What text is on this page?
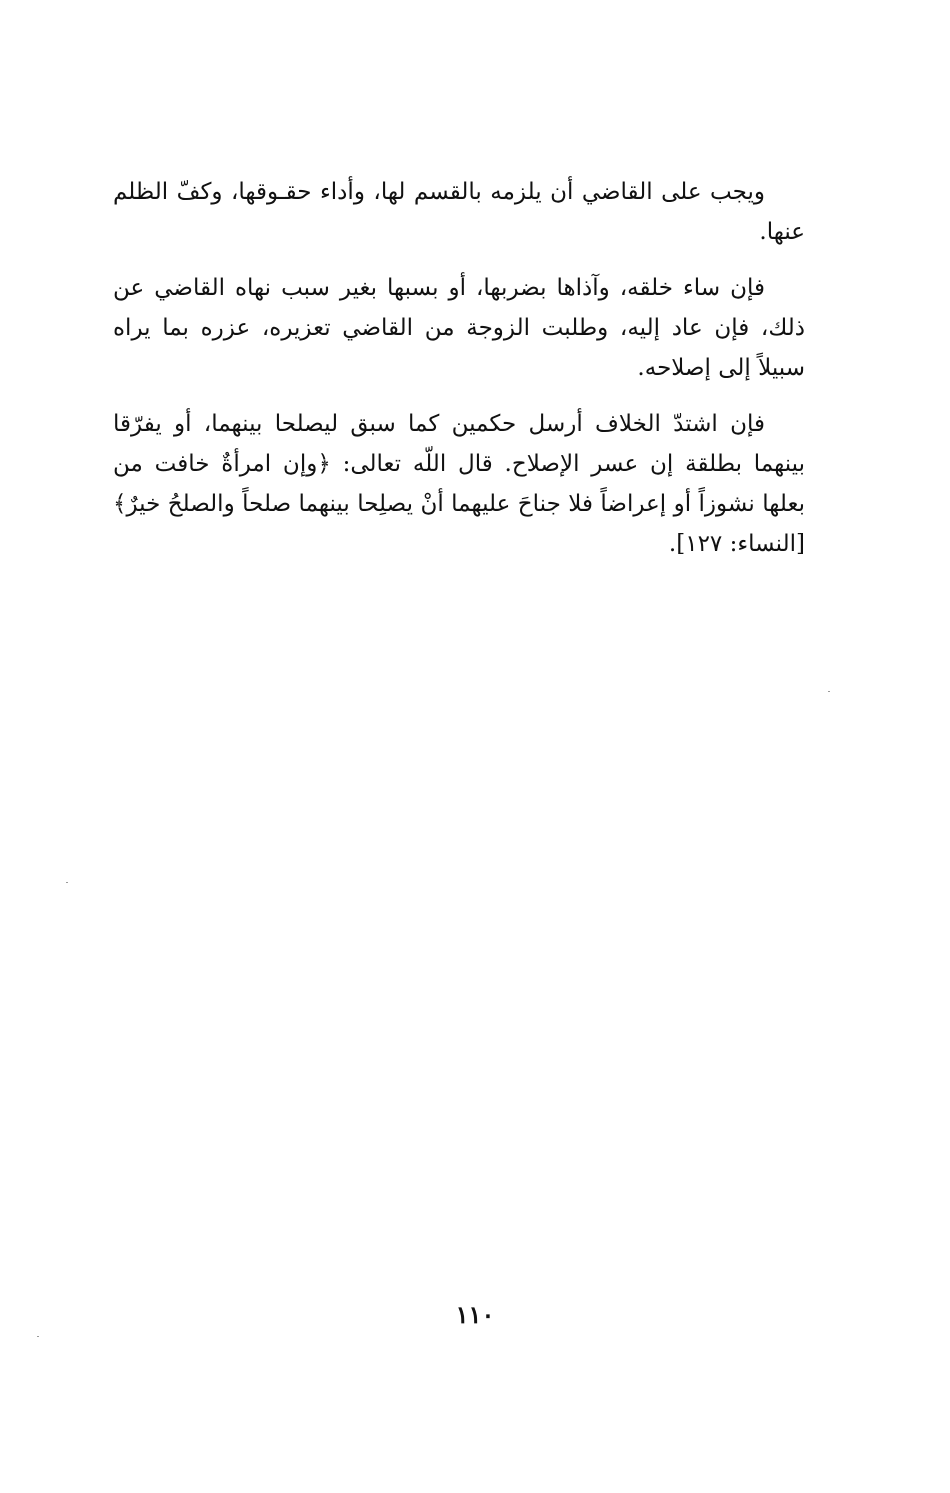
ويجب على القاضي أن يلزمه بالقسم لها، وأداء حقـوقها، وكفّ الظلم عنها.

فإن ساء خلقه، وآذاها بضربها، أو بسبها بغير سبب نهاه القاضي عن ذلك، فإن عاد إليه، وطلبت الزوجة من القاضي تعزيره، عزره بما يراه سبيلاً إلى إصلاحه.

فإن اشتدّ الخلاف أرسل حكمين كما سبق ليصلحا بينهما، أو يفرّقا بينهما بطلقة إن عسر الإصلاح. قال اللّه تعالى: ﴿وإن امرأةٌ خافت من بعلها نشوزاً أو إعراضاً فلا جناحَ عليهما أنْ يصلِحا بينهما صلحاً والصلحُ خيرٌ﴾ [النساء: ١٢٧].

١١٠
